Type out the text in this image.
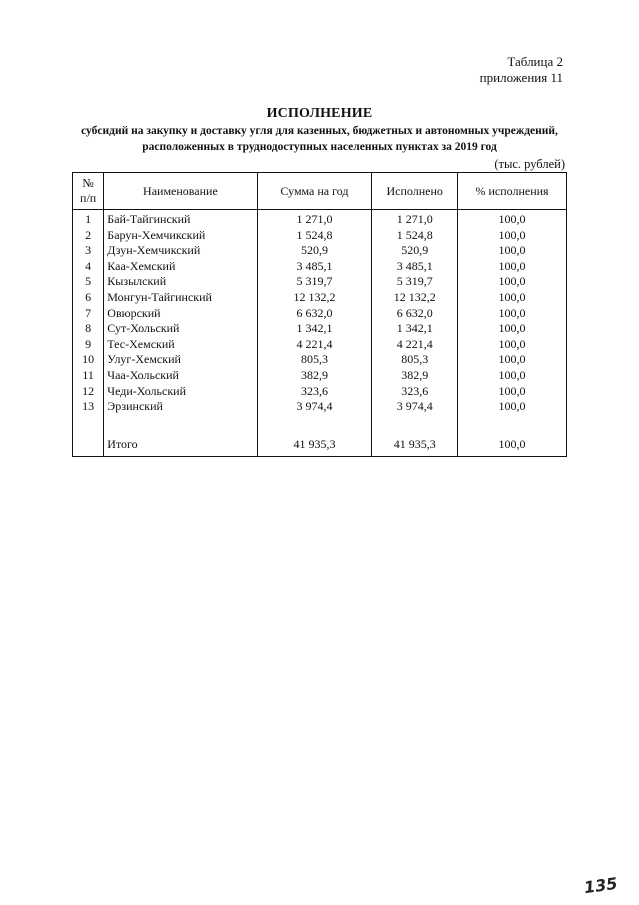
Таблица 2
приложения 11
ИСПОЛНЕНИЕ
субсидий на закупку и доставку угля для казенных, бюджетных и автономных учреждений, расположенных в труднодоступных населенных пунктах за 2019 год
(тыс. рублей)
№
п/п	Наименование	Сумма на год	Исполнено	% исполнения
1	Бай-Тайгинский	1 271,0	1 271,0	100,0
2	Барун-Хемчикский	1 524,8	1 524,8	100,0
3	Дзун-Хемчикский	520,9	520,9	100,0
4	Каа-Хемский	3 485,1	3 485,1	100,0
5	Кызылский	5 319,7	5 319,7	100,0
6	Монгун-Тайгинский	12 132,2	12 132,2	100,0
7	Овюрский	6 632,0	6 632,0	100,0
8	Сут-Хольский	1 342,1	1 342,1	100,0
9	Тес-Хемский	4 221,4	4 221,4	100,0
10	Улуг-Хемский	805,3	805,3	100,0
11	Чаа-Хольский	382,9	382,9	100,0
12	Чеди-Хольский	323,6	323,6	100,0
13	Эрзинский	3 974,4	3 974,4	100,0

	Итого	41 935,3	41 935,3	100,0
135
